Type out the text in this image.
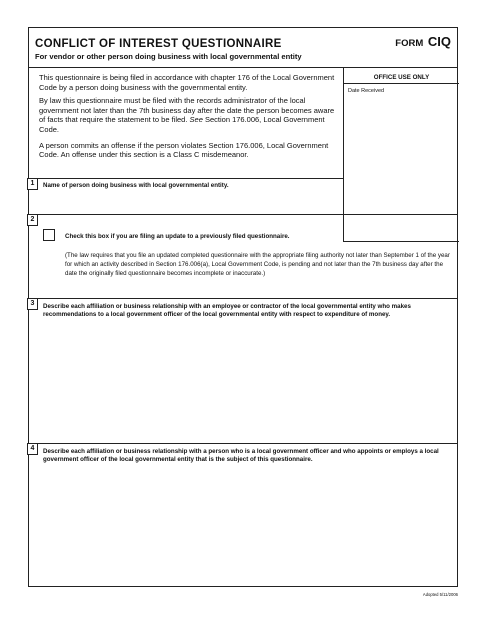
CONFLICT OF INTEREST QUESTIONNAIRE
For vendor or other person doing business with local governmental entity
FORM CIQ

This questionnaire is being filed in accordance with chapter 176 of the Local Government Code by a person doing business with the governmental entity.

By law this questionnaire must be filed with the records administrator of the local government not later than the 7th business day after the date the person becomes aware of facts that require the statement to be filed. See Section 176.006, Local Government Code.

A person commits an offense if the person violates Section 176.006, Local Government Code. An offense under this section is a Class C misdemeanor.

OFFICE USE ONLY
Date Received
1	Name of person doing business with local governmental entity.
2
Check this box if you are filing an update to a previously filed questionnaire.
(The law requires that you file an updated completed questionnaire with the appropriate filing authority not later than September 1 of the year for which an activity described in Section 176.006(a), Local Government Code, is pending and not later than the 7th business day after the date the originally filed questionnaire becomes incomplete or inaccurate.)
3	Describe each affiliation or business relationship with an employee or contractor of the local governmental entity who makes recommendations to a local government officer of the local governmental entity with respect to expenditure of money.
4	Describe each affiliation or business relationship with a person who is a local government officer and who appoints or employs a local government officer of the local governmental entity that is the subject of this questionnaire.
Adopted 5/11/2006
